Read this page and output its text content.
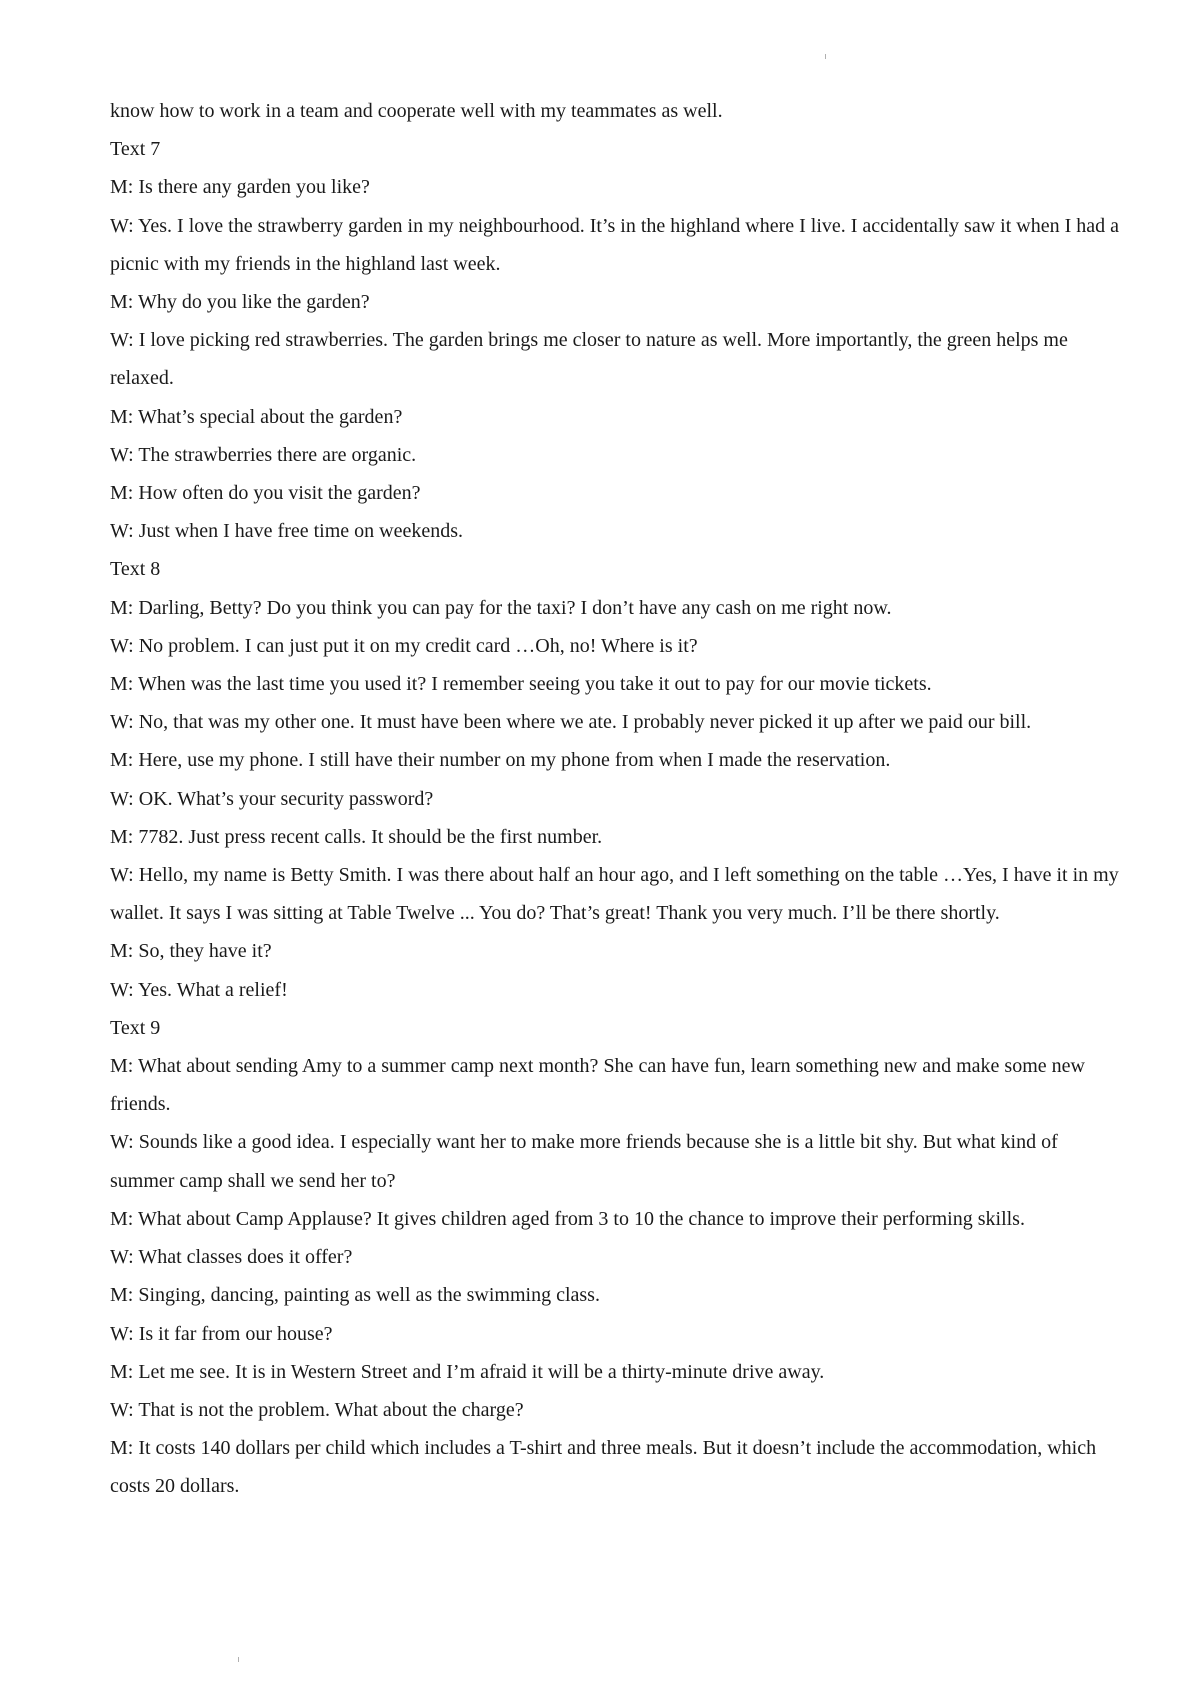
know how to work in a team and cooperate well with my teammates as well.

Text 7

M: Is there any garden you like?

W: Yes. I love the strawberry garden in my neighbourhood. It’s in the highland where I live. I accidentally saw it when I had a picnic with my friends in the highland last week.

M: Why do you like the garden?

W: I love picking red strawberries. The garden brings me closer to nature as well. More importantly, the green helps me relaxed.

M: What’s special about the garden?

W: The strawberries there are organic.

M: How often do you visit the garden?

W: Just when I have free time on weekends.

Text 8

M: Darling, Betty? Do you think you can pay for the taxi? I don’t have any cash on me right now.

W: No problem. I can just put it on my credit card …Oh, no! Where is it?

M: When was the last time you used it? I remember seeing you take it out to pay for our movie tickets.

W: No, that was my other one. It must have been where we ate. I probably never picked it up after we paid our bill.

M: Here, use my phone. I still have their number on my phone from when I made the reservation.

W: OK. What’s your security password?

M: 7782. Just press recent calls. It should be the first number.

W: Hello, my name is Betty Smith. I was there about half an hour ago, and I left something on the table …Yes, I have it in my wallet. It says I was sitting at Table Twelve ... You do? That’s great! Thank you very much. I’ll be there shortly.

M: So, they have it?

W: Yes. What a relief!

Text 9

M: What about sending Amy to a summer camp next month? She can have fun, learn something new and make some new friends.

W: Sounds like a good idea. I especially want her to make more friends because she is a little bit shy. But what kind of summer camp shall we send her to?

M: What about Camp Applause? It gives children aged from 3 to 10 the chance to improve their performing skills.

W: What classes does it offer?

M: Singing, dancing, painting as well as the swimming class.

W: Is it far from our house?

M: Let me see. It is in Western Street and I’m afraid it will be a thirty-minute drive away.

W: That is not the problem. What about the charge?

M: It costs 140 dollars per child which includes a T-shirt and three meals. But it doesn’t include the accommodation, which costs 20 dollars.
